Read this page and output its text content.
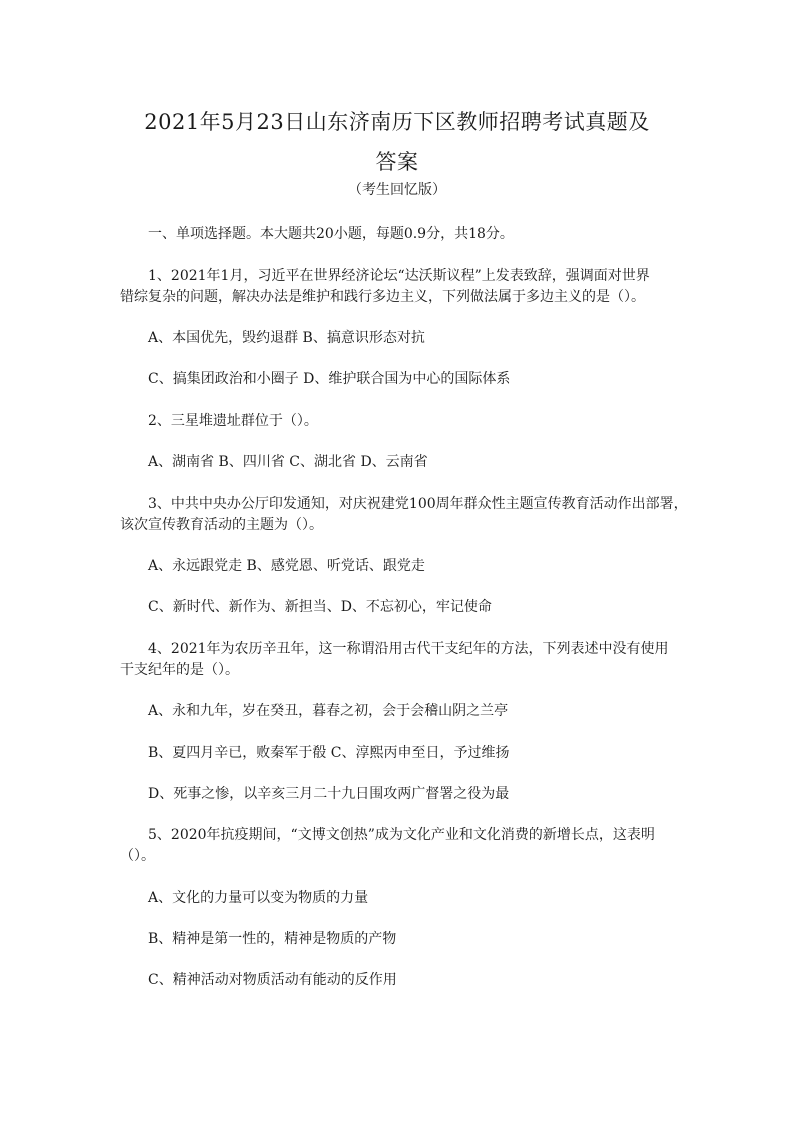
2021年5月23日山东济南历下区教师招聘考试真题及
答案
（考生回忆版）
一、单项选择题。本大题共20小题，每题0.9分，共18分。
1、2021年1月，习近平在世界经济论坛“达沃斯议程”上发表致辞，强调面对世界
错综复杂的问题，解决办法是维护和践行多边主义，下列做法属于多边主义的是（）。
A、本国优先，毁约退群 B、搞意识形态对抗
C、搞集团政治和小圈子 D、维护联合国为中心的国际体系
2、三星堆遗址群位于（）。
A、湖南省 B、四川省 C、湖北省 D、云南省
3、中共中央办公厅印发通知，对庆祝建党100周年群众性主题宣传教育活动作出部署，
该次宣传教育活动的主题为（）。
A、永远跟党走 B、感党恩、听党话、跟党走
C、新时代、新作为、新担当、D、不忘初心，牢记使命
4、2021年为农历辛丑年，这一称谓沿用古代干支纪年的方法，下列表述中没有使用
干支纪年的是（）。
A、永和九年，岁在癸丑，暮春之初，会于会稽山阴之兰亭
B、夏四月辛已，败秦军于殽 C、淳熙丙申至日，予过维扬
D、死事之惨，以辛亥三月二十九日围攻两广督署之役为最
5、2020年抗疫期间，“文博文创热”成为文化产业和文化消费的新增长点，这表明
（）。
A、文化的力量可以变为物质的力量
B、精神是第一性的，精神是物质的产物
C、精神活动对物质活动有能动的反作用
